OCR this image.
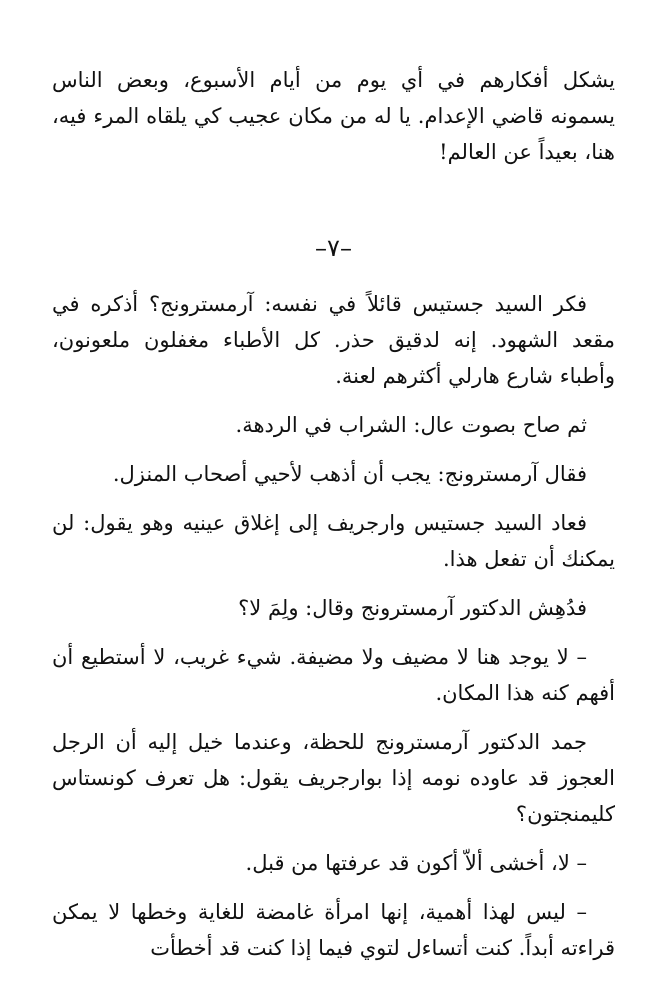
يشكل أفكارهم في أي يوم من أيام الأسبوع، وبعض الناس يسمونه قاضي الإعدام. يا له من مكان عجيب كي يلقاه المرء فيه، هنا، بعيداً عن العالم!

–٧–

فكر السيد جستيس قائلاً في نفسه: آرمسترونج؟ أذكره في مقعد الشهود. إنه لدقيق حذر. كل الأطباء مغفلون ملعونون، وأطباء شارع هارلي أكثرهم لعنة.

ثم صاح بصوت عال: الشراب في الردهة.

فقال آرمسترونج: يجب أن أذهب لأحيي أصحاب المنزل.

فعاد السيد جستيس وارجريف إلى إغلاق عينيه وهو يقول: لن يمكنك أن تفعل هذا.

فدُهِش الدكتور آرمسترونج وقال: ولِمَ لا؟

– لا يوجد هنا لا مضيف ولا مضيفة. شيء غريب، لا أستطيع أن أفهم كنه هذا المكان.

جمد الدكتور آرمسترونج للحظة، وعندما خيل إليه أن الرجل العجوز قد عاوده نومه إذا بوارجريف يقول: هل تعرف كونستاس كليمنجتون؟

– لا، أخشى ألاّ أكون قد عرفتها من قبل.

– ليس لهذا أهمية، إنها امرأة غامضة للغاية وخطها لا يمكن قراءته أبداً. كنت أتساءل لتوي فيما إذا كنت قد أخطأت
